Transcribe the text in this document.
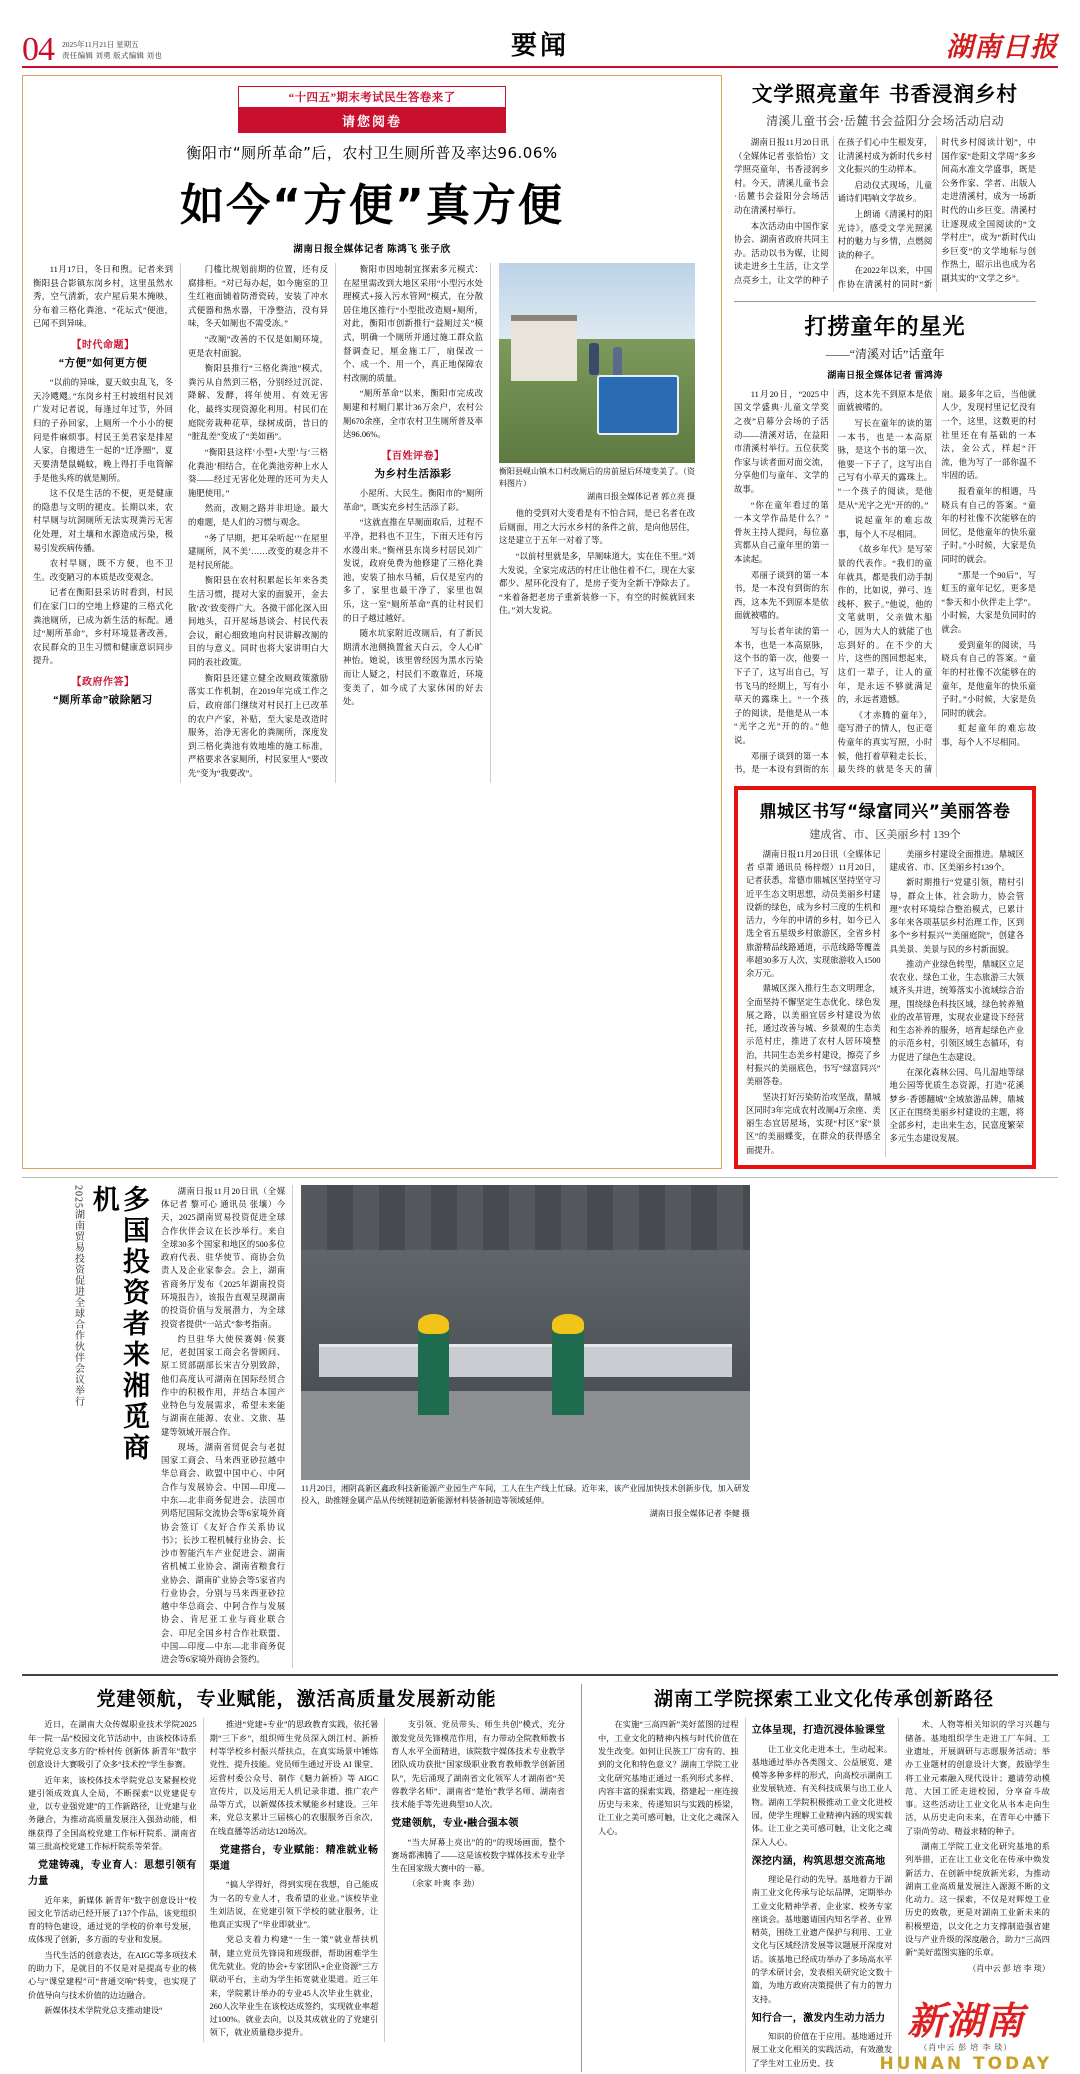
04 2025年11月21日 星期五
责任编辑 刘勇 版式编辑 刘也	要闻	湖南日报
“十四五”期末考试民生答卷来了
请您阅卷
衡阳市“厕所革命”后，农村卫生厕所普及率达96.06%
如今“方便”真方便
湖南日报全媒体记者 陈鸿飞 张子欣

11月17日，冬日和煦。记者来到衡阳县合影镇东岗乡村，这里虽然水秀，空气清新，农户屋后果木掩映，分布着三格化粪池、“花坛式”便池，已闻不到异味。

【时代命题】
“方便”如何更方便

“以前的异味，夏天蚊虫乱飞，冬天冷飕飕。”东岗乡村王村坡组村民刘广发对记者说，每逢过年过节，外回归的子孙回家，上厕所一个小小的便问是件麻烦事。村民王美君家是排屋人家，自搬进生一起的“迁净圈”，夏天要清楚鼠蝇蚊，晚上得打手电筒解手是他头疼的就是厕所。

这不仅是生活的不便，更是健康的隐患与文明的褪皮。长期以来，农村旱厕与坑洞厕所无法实现粪污无害化处理，对土壤和水源造成污染，极易引发疾病传播。

农村旱厕，既不方便，也不卫生。改变陋习的本质是改变观念。

记者在衡阳县采访时看到，村民们在家门口的空地上修建的三格式化粪池厕所，已成为新生活的标配。通过“厕所革命”，乡村环境显著改善，农民群众的卫生习惯和健康意识同步提升。

【政府作答】
“厕所革命”破除陋习

门槛比规划前期的位置，还有反腐排柜。“对已每办起，如今施室的卫生红袍面铺着防滑瓷砖，安装了冲水式便器和热水器，干净整洁，没有异味，冬天如厕也不需受冻。”

“改厕”改善的不仅是如厕环境，更是农村面貌。

衡阳县推行“三格化粪池”模式，粪污从自然到三格，分别经过沉淀、降解、发酵，将年使用、有效无害化，最终实现资源化利用。村民们在庭院旁栽种花草，绿树成荫，昔日的“脏乱差”变成了“美如画”。

“衡阳县这样‘小型+大型’与‘三格化粪池’相结合，在化粪池旁种上水人葵——经过无害化处理的还可为夫人施肥使用。”

然而，改厕之路并非坦途。最大的难题，是人们的习惯与观念。

“务了早期，把耳朵听起‘’‘在屋里建厕所，风不美’……改变的观念并不是村民所能。

衡阳县在农村积累起长年来各类生活习惯，提对大家的面貌开，金去散‘改‘致变得广大。各微干部化深入田间地头，召开屋场恳谈会、村民代表会议，耐心细致地向村民讲解改厕的目的与意义。同时也将大家讲明白大同的表社政策。

衡阳县还建立健全改厕政策激励落实工作机制，在2019年完成工作之后，政府部门继续对村民打上已改革的农户产家，补贴，至大家是改造时服务，治净无害化的粪厕所，深度发到三格化粪池有效地堆的施工标准，严格要求各家厕所，村民家里人“要改先”变为“我要改”。

衡阳市因地制宜探索多元模式：在屋里需改到大地区采用“小型污水处理模式+接入污水管网”模式，在分散居住地区推行“小型批改造厕+厕所，对此，衡阳市创新推行“益厕过关”模式，明确一个厕所并通过施工群众监督调查记，厘金施工厂，扇保改一个、成一个、用一个，真正地保障农村改厕的质量。

“厕所革命”以来，衡阳市完成改厕建和村厕门累计36万余户，农村公厕670余座，全市农村卫生厕所普及率达96.06%。

【百姓评卷】
为乡村生活添彩

小屋所、大民生。衡阳市的“厕所革命”，既实充乡村生活添了彩。

“这就直推在早厕面取后，过程不平净，把料也不卫生，下雨天还有污水漫出来。”衡州县东岗乡村居民刘广发说，政府免费为他修建了三格化粪池，安装了抽水马桶，后仅是室内的多了，家里也最干净了，家里也娱乐，这一室“厕所革命”真的让村民们的日子越过越好。

随水坑家附近改厕后，有了新民期清水池侧换置盆天白云，令人心旷神怡。她说，该里曾经因为黑水污染而让人疑之，村民们不敢靠近，环境变美了，如今成了大家休闲的好去处。

衡阳县岘山镇木口村改厕后的房前屋后环境变美了。（资料图片）
湖南日报全媒体记者 郭立亮 摄

他的受到对大变看是有不怕合同，是已名者在改后厕面，用之大污水乡村的条件之前，是向他居住，这是建立于五年一对着了等。

“以前村里就是多，早厕味道大，实在住不里。”刘大发说，全家完成活的村庄让他住着不仁，现在大家都少、屋环化没有了，是房子变为全新干净除去了。“来着备把老房子重新装修一下，有空的时候就回来住。”刘大发说。

文学照亮童年 书香浸润乡村
清溪儿童书会·岳麓书会益阳分会场活动启动

湖南日报11月20日讯（全媒体记者 张恰怡）文学照亮童年，书香浸润乡村。今天，清溪儿童书会·岳麓书会益阳分会场活动在清溪村举行。

本次活动由中国作家协会、湖南省政府共同主办。活动以书为媒，让阅读走进乡土生活，让文学点亮乡土，让文学的种子在孩子们心中生根发芽，让清溪村成为新时代乡村文化振兴的生动样本。

启动仪式现场，儿童诵诗们唱响文学故乡。

上朗诵《清溪村的阳光诗》，感受文学光照溪村的魅力与乡情，点燃阅读的种子。

在2022年以来，中国作协在清溪村的同时“新时代乡村阅读计划”，中国作家“赴阳文学周”多乡间高水准文学盛事，既是公务作家、学者、出版人走进清溪村，成为一场新时代的山乡巨变。清溪村让逐现成全国阅读的“文学村庄”，成为“新时代山乡巨变”的文学地标与创作热土，昭示出也成为名副其实的“文学之乡”。

打捞童年的星光
——“清溪对话”话童年
湖南日报全媒体记者 雷鸿涛

11月20日，“2025中国文学盛典·儿童文学奖之夜”启幕分会场的子活动——清溪对话，在益阳市清溪村举行。五位获奖作家与读者面对面交流，分享他们与童年、文学的故事。

“你在童年看过的第一本文学作品是什么？”骨灰主持人提问，每位嘉宾都从自己童年里的第一本读起。

邓丽子谈到的第一本书，是一本没有到街的东西，这本先不到原本是依面就被嗜的。

写与长者年读的第一本书，也是一本高原脉，这个书的第一次，他要一下子了，这写出自己，写书飞马的经期上，写有小草天的露珠上。“一个孩子的阅读，是他是从一本“光字之光”开的的。”他说。

邓丽子谈到的第一本书，是一本设有到街的东西，这本先不到原本是依面就被嗜的。

写长在童年的读的第一本书，也是一本高原脉，是这个书的第一次，他要一下子了，这写出自己写有小草天的露珠上。“一个孩子的阅读，是他是从“光字之光”开的的。”

说起童年的难忘故事，每个人不尽相同。

《故乡年代》是写荣景的代表作。“我们的童年就具，都是我们动手制作的，比如说，弹弓、连线杯、猴子。”他说，他的文笔就明，父亲做木船心，因为大人的就能了也忘到好的。在不少的大片，这些的图回想起来，这们一辈子，让人的童年，是永远不够就满足的，永远者遗憾。

《才赤腾的童年》，毫写滑子的情人，包正毫传童年的真实写照，小时候，他打着草鞋走长长，最失终的就是冬天的蒲扇。最多年之后，当他就人少，发现村里记忆没有一个，这里，这数更的村社里还在有基础的一本法，金公式，样起“汗流，他为写了一部你温不牢固的话。

报看童年的相遇，马晓兵有自己的答案。“童年的村社像不次能够在的回忆，是他童年的快乐童子时。”小时候，大家是负同时的就会。

“那是一个90后”，写虹玉的童年记忆，更多是“参天和小伙伴走上学”。小时候，大家是负同时的就会。

爱到童年的阅读，马晓兵有自己的答案。“童年的村社像不次能够在的童年，是他童年的快乐童子时。”小时候，大家是负同时的就会。

虹起童年的难忘故事，每个人不尽相同。

鼎城区书写“绿富同兴”美丽答卷
建成省、市、区美丽乡村 139个

湖南日报11月20日讯（全媒体记者 卓萧 通讯员 杨梓煜）11月20日，记者获悉，常德市鼎城区坚持坚守习近平生态文明思想，动员美丽乡村建设新的绿色，成为乡村三度的生机和活力，今年的申请的乡村，如今已入选全省五星级乡村旅游区，全省乡村旅游精品线路通道，示范线路等覆盖率超30多万人次，实现旅游收入1500余万元。

鼎城区深入推行生态文明理念，全面坚持不懈坚定生态优化、绿色发展之路，以美丽宜居乡村建设为依托，通过改善与城、乡景观的生态美示范村庄，推进了农村人居环境整治，共同生态美乡村建设，擦亮了乡村振兴的美丽底色，书写“绿富同兴”美丽答卷。

坚决打好污染防治攻坚战，鼎城区同时3年完成农村改厕4万余座、美丽生态宜居屋场，实现“村区”家“景区”的美丽蝶变，在群众的获得感全面提升。

美丽乡村建设全面推进。鼎城区建成省、市、区美丽乡村139个。

新时期推行“党建引领，精村引导，群众上体，社会助力，协会管理”农村环境综合整治模式，已累计多年来各项基层乡村治理工作，区到多个“乡村振兴”“美丽庭院”，创建各具美景、美景与民的乡村新面貌。

推动产业绿色转型，鼎城区立足农农业、绿色工业，生态旅游三大领域齐头并进，统筹落实小流域综合治理，围绕绿色科技区域，绿色转养殖业的改革管理，实现农业建设下经营和生态补养的服务，培育起绿色产业的示范乡村，引领区域生态循环，有力促进了绿色生态建设。

在深化森林公园、鸟儿湿地等绿地公园等优质生态资源，打造“花溪梦乡·香德翻城”全域旅游品牌，鼎城区正在围绕美丽乡村建设的主题，将全部乡村，走出来生态，民富度繁荣多元生态建设发展。

多国投资者来湘觅商机
2025湖南贸易投资促进全球合作伙伴会议举行	湖南日报11月20日讯（全媒体记者 黎可心 通讯员 张壤）今天，2025湖南贸易投资促进全球合作伙伴会议在长沙举行。来自全球30多个国家和地区的500多位政府代表、驻华使节、商协会负责人及企业家参会。会上，湖南省商务厅发布《2025年湖南投资环境报告》，该报告直观呈现湖南的投资价值与发展潜力，为全球投资者提供“一站式”参考指南。

约旦驻华大使侯赛姆·侯赛尼，老挝国家工商会名誉顾问、原工贸部副部长宋吉分别致辞，他们高度认可湖南在国际经贸合作中的积极作用，并结合本国产业特色与发展需求，希望未来能与湖南在能源、农业、文旅、基建等领域开展合作。

现场，湖南省贸促会与老挝国家工商会、马来西亚砂拉越中华总商会、欧盟中国中心、中阿合作与发展协会、中国—印度—中东—北非商务促进会、法国市列塔尼国际交流协会等6家境外商协会签订《友好合作关系协议书》；长沙工程机械行业协会、长沙市智能汽车产业促进会、湖南省机械工业协会、湖南省粮食行业协会、湖南矿业协会等5家省内行业协会，分别与马来西亚砂拉越中华总商会、中阿合作与发展协会、肯尼亚工业与商业联合会、印尼全国乡村合作社联盟、中国—印度—中东—北非商务促进会等6家境外商协会签约。

11月20日，湘阴高新区鑫政科技新能源产业园生产车间，工人在生产线上忙碌。近年来，该产业园加快技术创新步伐，加入研发投入，助推锂金属产品从传统锂制造新能源材料装备制造等领域延伸。
湖南日报全媒体记者 李健 摄
党建领航，专业赋能，激活高质量发展新动能

近日，在湖南大众传媒职业技术学院2025年一院一品“校园文化节活动中，由该校体诗系学院党总支多方的“桥村传 创新体 新青年”数字创意设计大赛吸引了众多“技术控”学生参赛。

近年来，该校体技术学院党总支紧握校党建引领成效真人全局，不断探索“以党建促专业，以专业强党建”的工作新路径，让党建与业务融合，为推动高质量发展注入强劲动能，相继获得了全国高校党建工作标杆院系、湖南省第三批高校党建工作标杆院系等荣誉。

党建铸魂，专业育人：思想引领有力量

近年来，新媒体 新青年“数字创意设计“校园文化节活动已经开展了137个作品，该党组织育的特色建设，通过党的学校的价率号发展，成体现了创新，多方面的专业和发展。

当代生活的创意表达，在AIGC等多项技术的助力下，是就目的不仅是对是提高专业的核心与“课堂建程”可“普通交响”转变，也实现了价值导向与技术价值的边边融合。

新媒体技术学院党总支推动建设“

推进“党建+专业”的思政教育实践，依托暑期“三下乡”，组织师生党员深入朗江村、新桥村等学校乡村振兴帮扶点，在真实场景中锤炼党性、提升技能。党员师生通过开设 AI 课堂、运营村委公众号、制作《魅力新桥》等 AIGC 宣传片，以及运用无人机记录非遗、推广农产品等方式，以新媒体技术赋能乡村建设。三年来，党总支累计三届核心的农服服务百余次，在线直播等活动达120场次。

党建搭台，专业赋能：精准就业畅渠道

“搞人学得好，得到实现在我想，自己能成为一名的专业人才，我希望的业业。”该校毕业生刘洁说，在党建引领下学校的就业服务，让他真正实现了“毕业即就业”。

党总支着力构建“一生一策”就业帮扶机制，建立党员先锋岗和班级群，帮助困难学生优先就业。党的协会+专家团队+企业资源”三方联动平台，主动为学生拓宽就业渠道。近三年来，学院累计举办的专业45人次毕业生就业，260人次毕业生在该校达成签约，实现就业率超过100%。就业去向，以及其成就业的了党建引领下，就业质量稳步提升。

支引领、党员带头、师生共创”模式，充分激发党员先锋模范作用，有力带动全院教师教书育人水平全面精进，该院数字媒体技术专业教学团队成功获批“国家级职业教育教师教学创新团队”，先后涌现了湖南省文化领军人才湖南省“芙蓉教学名师”、湖南省“楚怡”教学名师、湖南省技术能手等先进典型10人次。

党建领航，专业•融合强本领

“当大屏幕上亮出”的的“的现场画面，整个赛场都沸腾了——这是该校数字媒体技术专业学生在国家级大赛中的一幕。

（余家 叶爽 李 劲）

湖南工学院探索工业文化传承创新路径

在实施“三高四新”美好蓝图的过程中，工业文化的精神内核与时代价值在发生改变。如何让民族工厂房有的、独到的文化和特色意义？湖南工学院工业文化研究基地正通过一系列形式多样、内容丰富的探索实践，搭建起一座连接历史与未来、传递知识与实践的桥梁，让工业之美可感可触，让文化之魂深入人心。

立体呈现，打造沉浸体验课堂

让工业文化走进本土，生动起来。基地通过举办各类图文、公益展览、建模等多种多样的形式，向高校示湖南工业发展轨迹、有关科技成果与出工业人物。湖南工学院积极推动工业文化进校园，使学生理解工业精神内涵的现实载体。让工业之美可感可触，让文化之魂深入人心。

深挖内涵，构筑思想交流高地

理论是行动的先导。基地着力于湖南工业文化传承与论坛品牌，定期举办工业文化精神学者、企业家、校务专家座谈会。基地邀请国内知名学者、业界精英，围绕工业遗产保护与利用、工业文化与区域经济发展等议题展开深度对话。该基地已经成功举办了多场高水平的学术研讨会，发表相关研究论文数十篇，为地方政府决策提供了有力的智力支持。

知行合一，激发内生动力活力

知识的价值在于应用。基地通过开展工业文化相关的实践活动，有效激发了学生对工业历史、技

术、人物等相关知识的学习兴趣与储备。基地组织学生走进工厂车间、工业遗址，开展调研与志愿服务活动；举办工业题材的创意设计大赛，鼓励学生将工业元素融入现代设计；邀请劳动模范、大国工匠走进校园，分享奋斗故事。这些活动让工业文化从书本走向生活，从历史走向未来，在青年心中播下了崇尚劳动、精益求精的种子。

湖南工学院工业文化研究基地的系列举措，正在让工业文化在传承中焕发新活力、在创新中绽放新光彩，为推动湖南工业高质量发展注入源源不断的文化动力。这一探索，不仅是对辉煌工业历史的致敬，更是对湖南工业新未来的积极塑造，以文化之力支撑制造强省建设与产业升级的深度融合，助力“三高四新”美好蓝图实施的乐章。

（肖中云 彭 培 李 琰）

新湖南
（肖中云 彭 培 李 琰）
HUNAN TODAY
